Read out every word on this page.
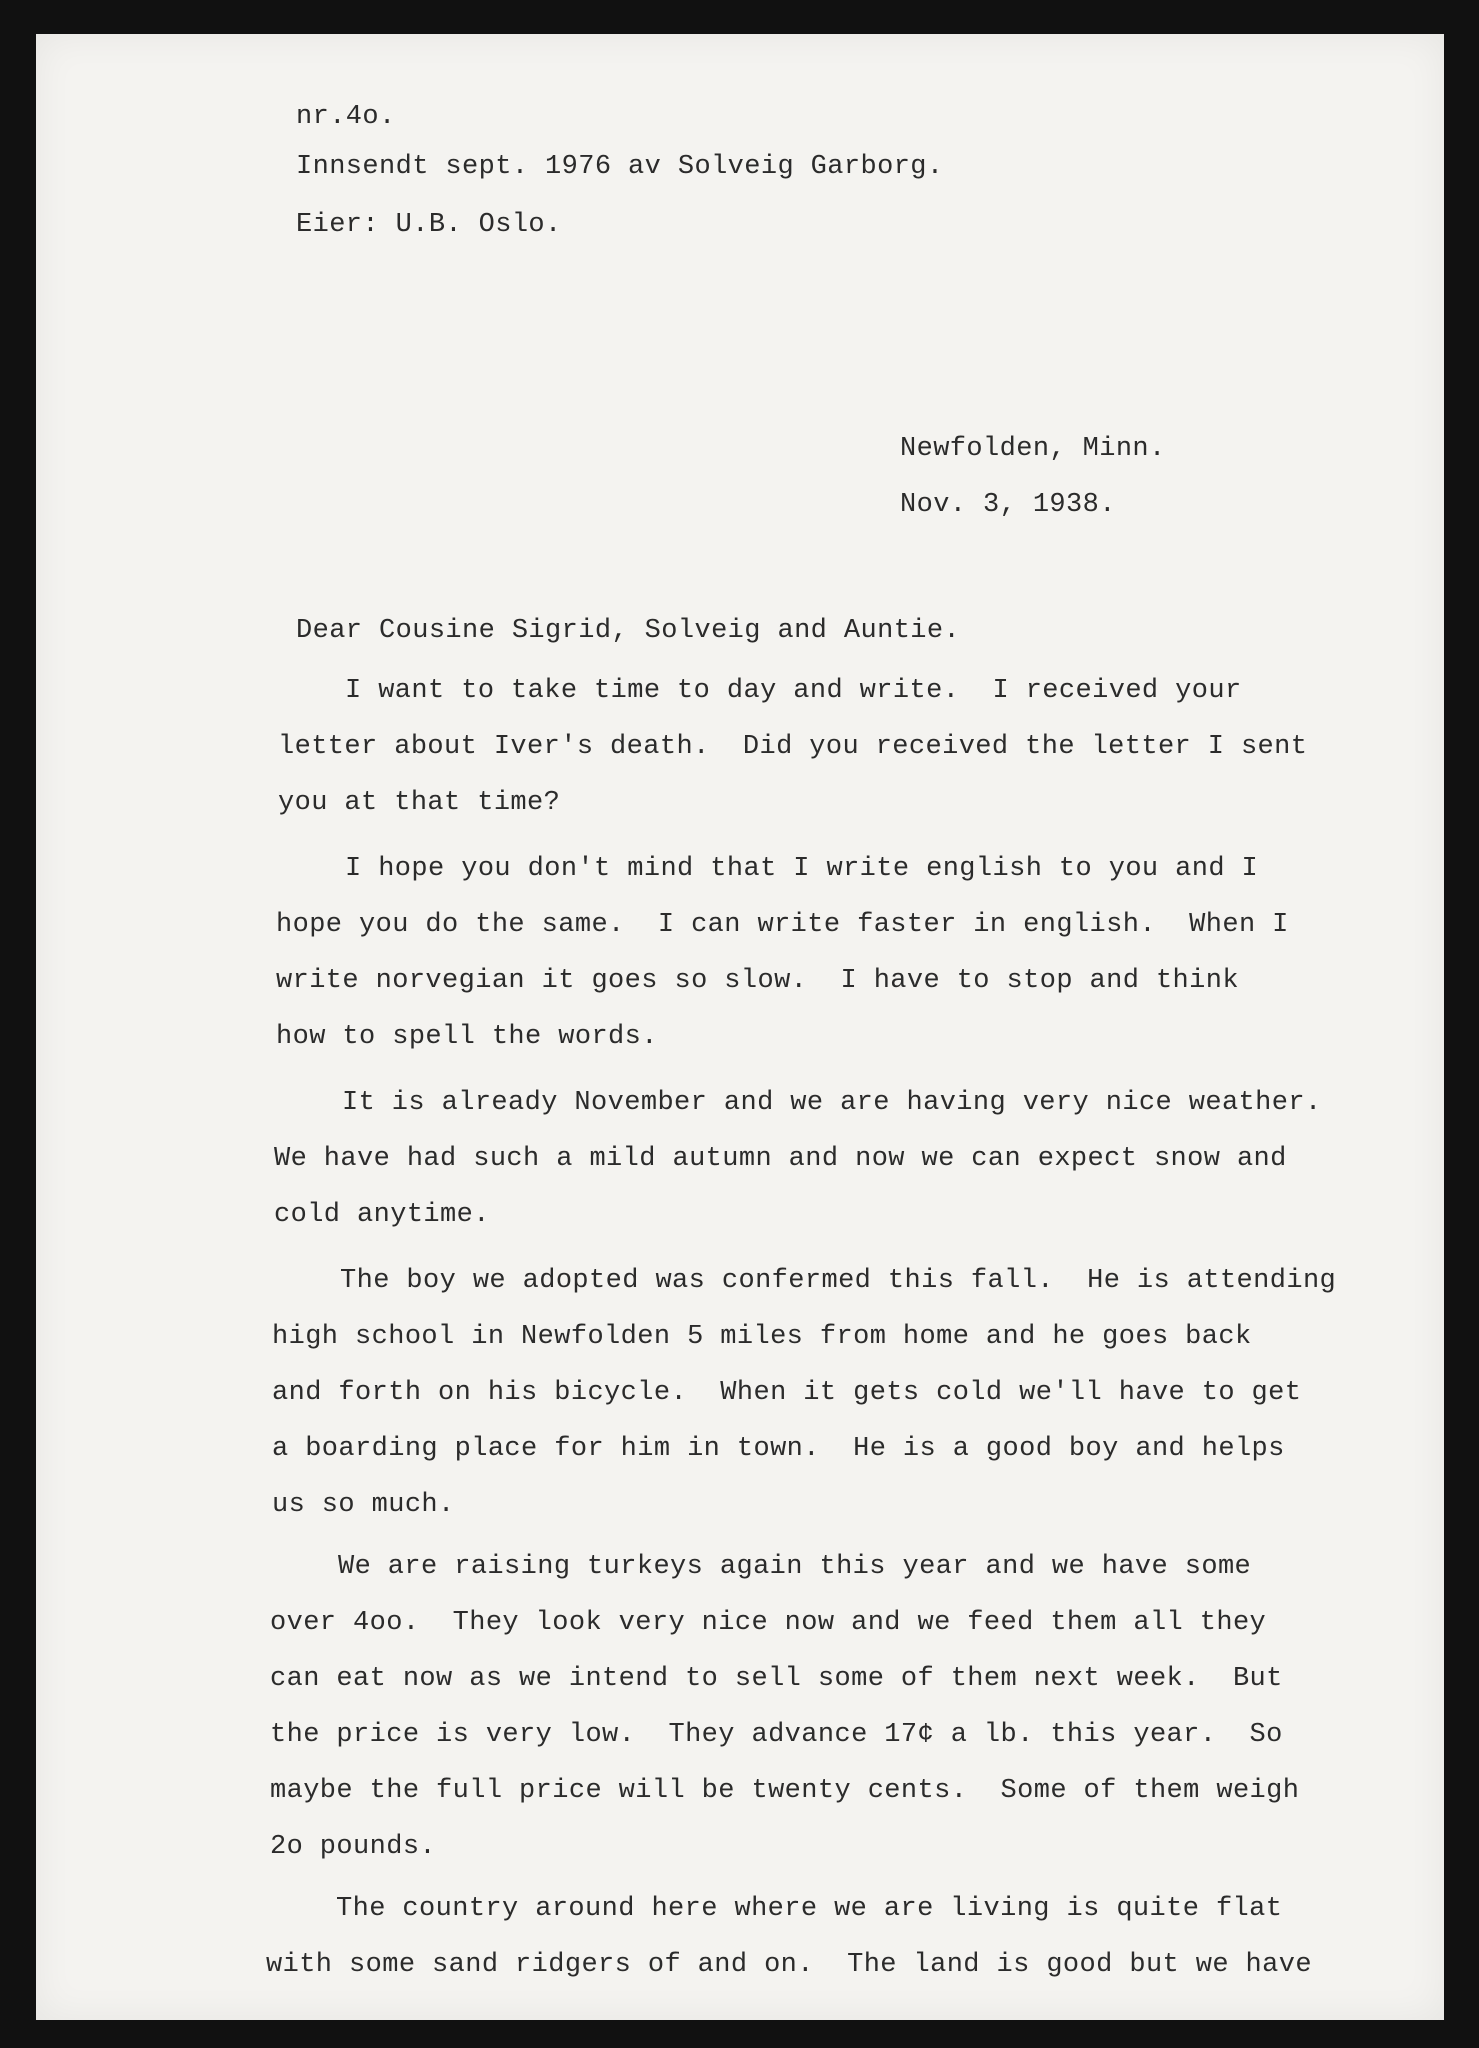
nr.4o.
Innsendt sept. 1976 av Solveig Garborg.
Eier: U.B. Oslo.
Newfolden, Minn.
Nov. 3, 1938.
Dear Cousine Sigrid, Solveig and Auntie.
I want to take time to day and write.  I received your
letter about Iver's death.  Did you received the letter I sent
you at that time?
I hope you don't mind that I write english to you and I
hope you do the same.  I can write faster in english.  When I
write norvegian it goes so slow.  I have to stop and think
how to spell the words.
It is already November and we are having very nice weather.
We have had such a mild autumn and now we can expect snow and
cold anytime.
The boy we adopted was confermed this fall.  He is attending
high school in Newfolden 5 miles from home and he goes back
and forth on his bicycle.  When it gets cold we'll have to get
a boarding place for him in town.  He is a good boy and helps
us so much.
We are raising turkeys again this year and we have some
over 4oo.  They look very nice now and we feed them all they
can eat now as we intend to sell some of them next week.  But
the price is very low.  They advance 17¢ a lb. this year.  So
maybe the full price will be twenty cents.  Some of them weigh
2o pounds.
The country around here where we are living is quite flat
with some sand ridgers of and on.  The land is good but we have
